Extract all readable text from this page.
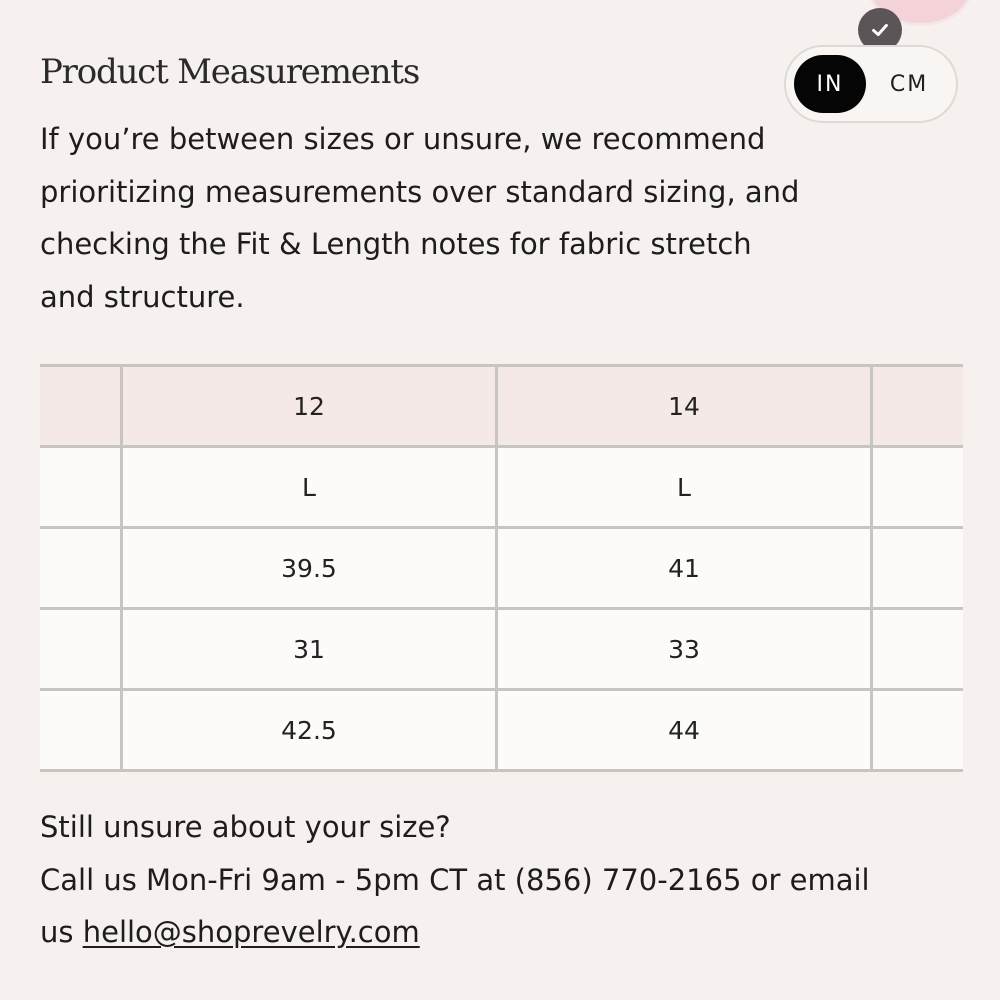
Product Measurements	IN	CM

If you’re between sizes or unsure, we recommend prioritizing measurements over standard sizing, and checking the Fit & Length notes for fabric stretch and structure.

	12	14	
	L	L	
	39.5	41	
	31	33	
	42.5	44	
Still unsure about your size?
Call us Mon-Fri 9am - 5pm CT at (856) 770-2165 or email
us hello@shoprevelry.com
